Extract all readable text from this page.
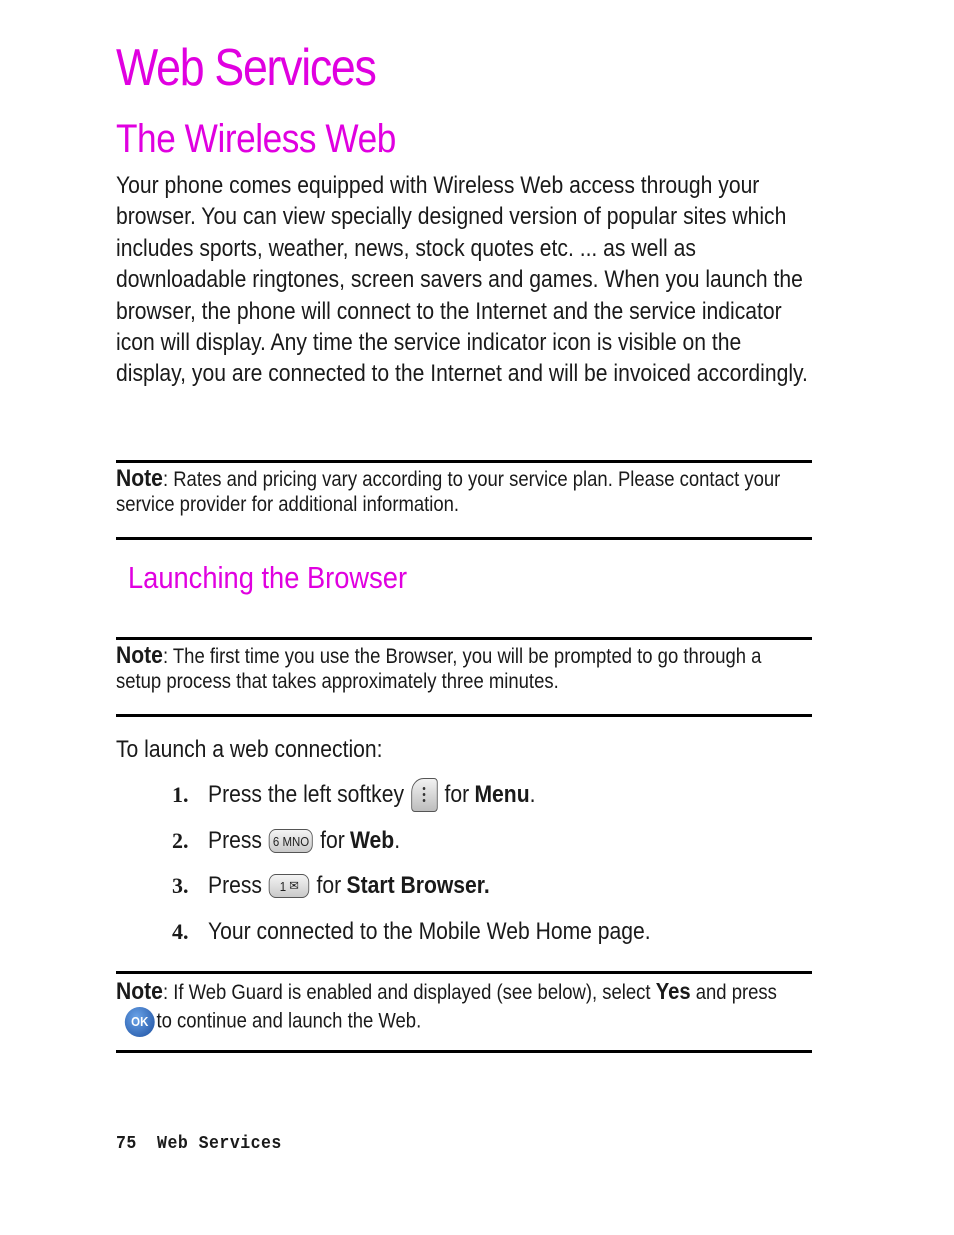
Web Services
The Wireless Web

Your phone comes equipped with Wireless Web access through your browser. You can view specially designed version of popular sites which includes sports, weather, news, stock quotes etc. ... as well as downloadable ringtones, screen savers and games. When you launch the browser, the phone will connect to the Internet and the service indicator icon will display. Any time the service indicator icon is visible on the display, you are connected to the Internet and will be invoiced accordingly.

Note: Rates and pricing vary according to your service plan. Please contact your service provider for additional information.

Launching the Browser

Note: The first time you use the Browser, you will be prompted to go through a setup process that takes approximately three minutes.

To launch a web connection:

1. Press the left softkey for Menu .
2. Press 6 MNO for Web .
3. Press 1 ✉ for Start Browser.
4. Your connected to the Mobile Web Home page.

Note: If Web Guard is enabled and displayed (see below), select Yes and press
OK to continue and launch the Web.

75 Web Services
